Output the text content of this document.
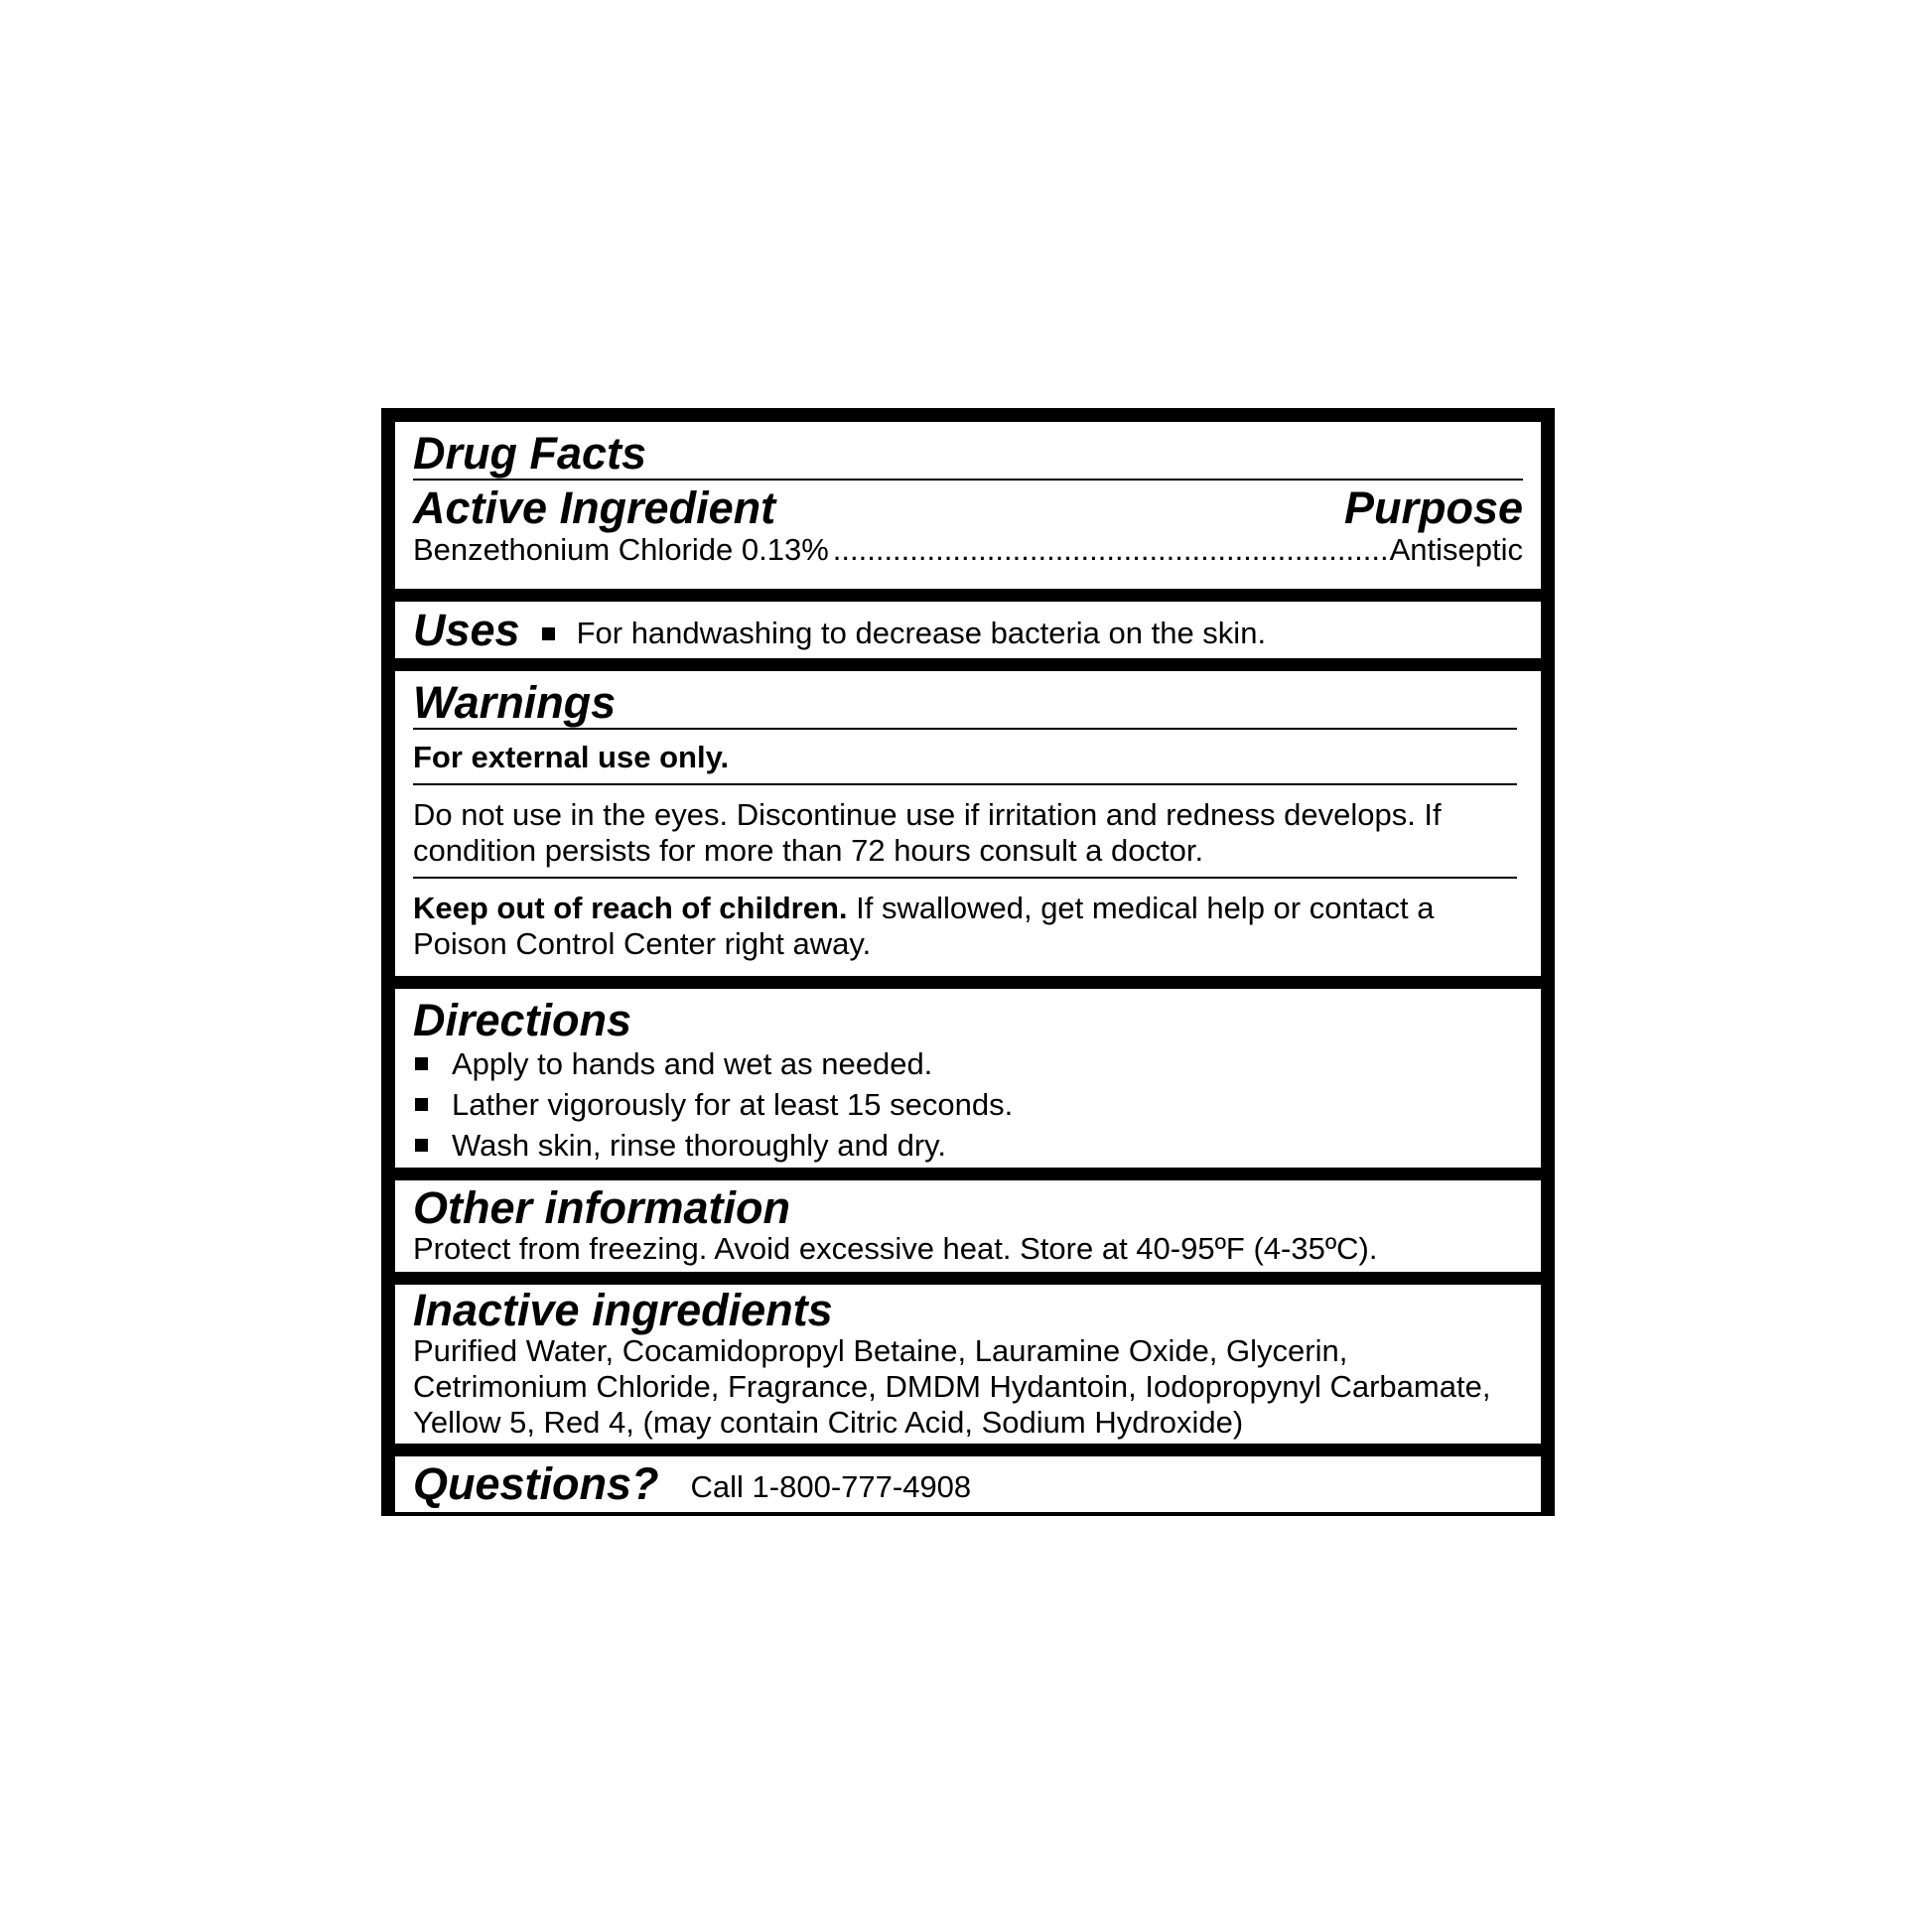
Drug Facts
Active Ingredient	Purpose
Benzethonium Chloride 0.13%
.....	Antiseptic
Uses For handwashing to decrease bacteria on the skin.
Warnings
For external use only.
Do not use in the eyes. Discontinue use if irritation and redness develops. If condition persists for more than 72 hours consult a doctor.
Keep out of reach of children. If swallowed, get medical help or contact a Poison Control Center right away.
Directions
Apply to hands and wet as needed.
Lather vigorously for at least 15 seconds.
Wash skin, rinse thoroughly and dry.
Other information
Protect from freezing. Avoid excessive heat. Store at 40-95ºF (4-35ºC).
Inactive ingredients
Purified Water, Cocamidopropyl Betaine, Lauramine Oxide, Glycerin, Cetrimonium Chloride, Fragrance, DMDM Hydantoin, Iodopropynyl Carbamate, Yellow 5, Red 4, (may contain Citric Acid, Sodium Hydroxide)
Questions? Call 1-800-777-4908
